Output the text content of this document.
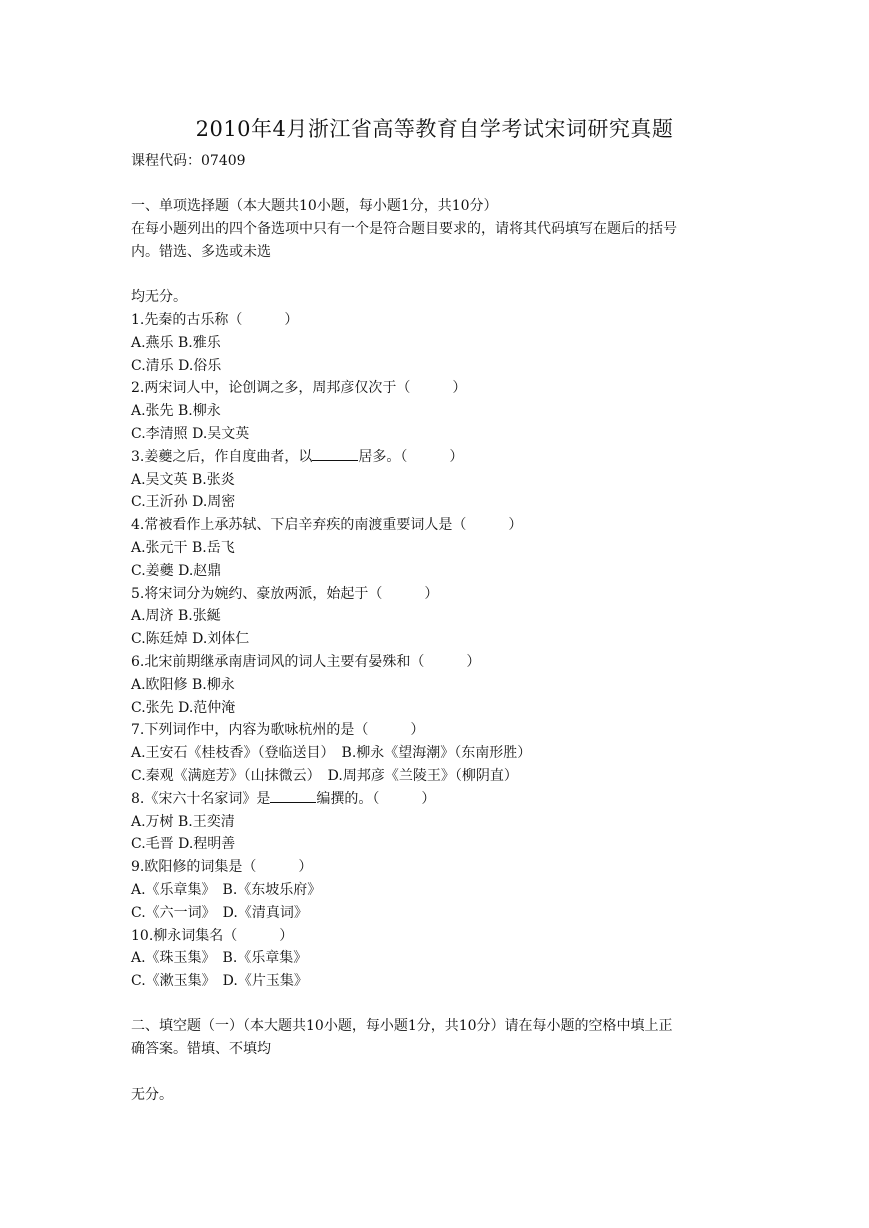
2010年4月浙江省高等教育自学考试宋词研究真题
课程代码：07409
一、单项选择题（本大题共10小题，每小题1分，共10分）
在每小题列出的四个备选项中只有一个是符合题目要求的，请将其代码填写在题后的括号
内。错选、多选或未选
均无分。
1.先秦的古乐称（　　　）
A.燕乐 B.雅乐
C.清乐 D.俗乐
2.两宋词人中，论创调之多，周邦彦仅次于（　　　）
A.张先 B.柳永
C.李清照 D.吴文英
3.姜夔之后，作自度曲者，以	居多。（　　　）
A.吴文英 B.张炎
C.王沂孙 D.周密
4.常被看作上承苏轼、下启辛弃疾的南渡重要词人是（　　　）
A.张元干 B.岳飞
C.姜夔 D.赵鼎
5.将宋词分为婉约、豪放两派，始起于（　　　）
A.周济 B.张綖
C.陈廷焯 D.刘体仁
6.北宋前期继承南唐词风的词人主要有晏殊和（　　　）
A.欧阳修 B.柳永
C.张先 D.范仲淹
7.下列词作中，内容为歌咏杭州的是（　　　）
A.王安石《桂枝香》（登临送目）　B.柳永《望海潮》（东南形胜）
C.秦观《满庭芳》（山抹微云）　D.周邦彦《兰陵王》（柳阴直）
8.《宋六十名家词》是	编撰的。（　　　）
A.万树 B.王奕清
C.毛晋 D.程明善
9.欧阳修的词集是（　　　）
A.《乐章集》　B.《东坡乐府》
C.《六一词》　D.《清真词》
10.柳永词集名（　　　）
A.《珠玉集》　B.《乐章集》
C.《漱玉集》　D.《片玉集》
二、填空题（一）（本大题共10小题，每小题1分，共10分）请在每小题的空格中填上正
确答案。错填、不填均
无分。
